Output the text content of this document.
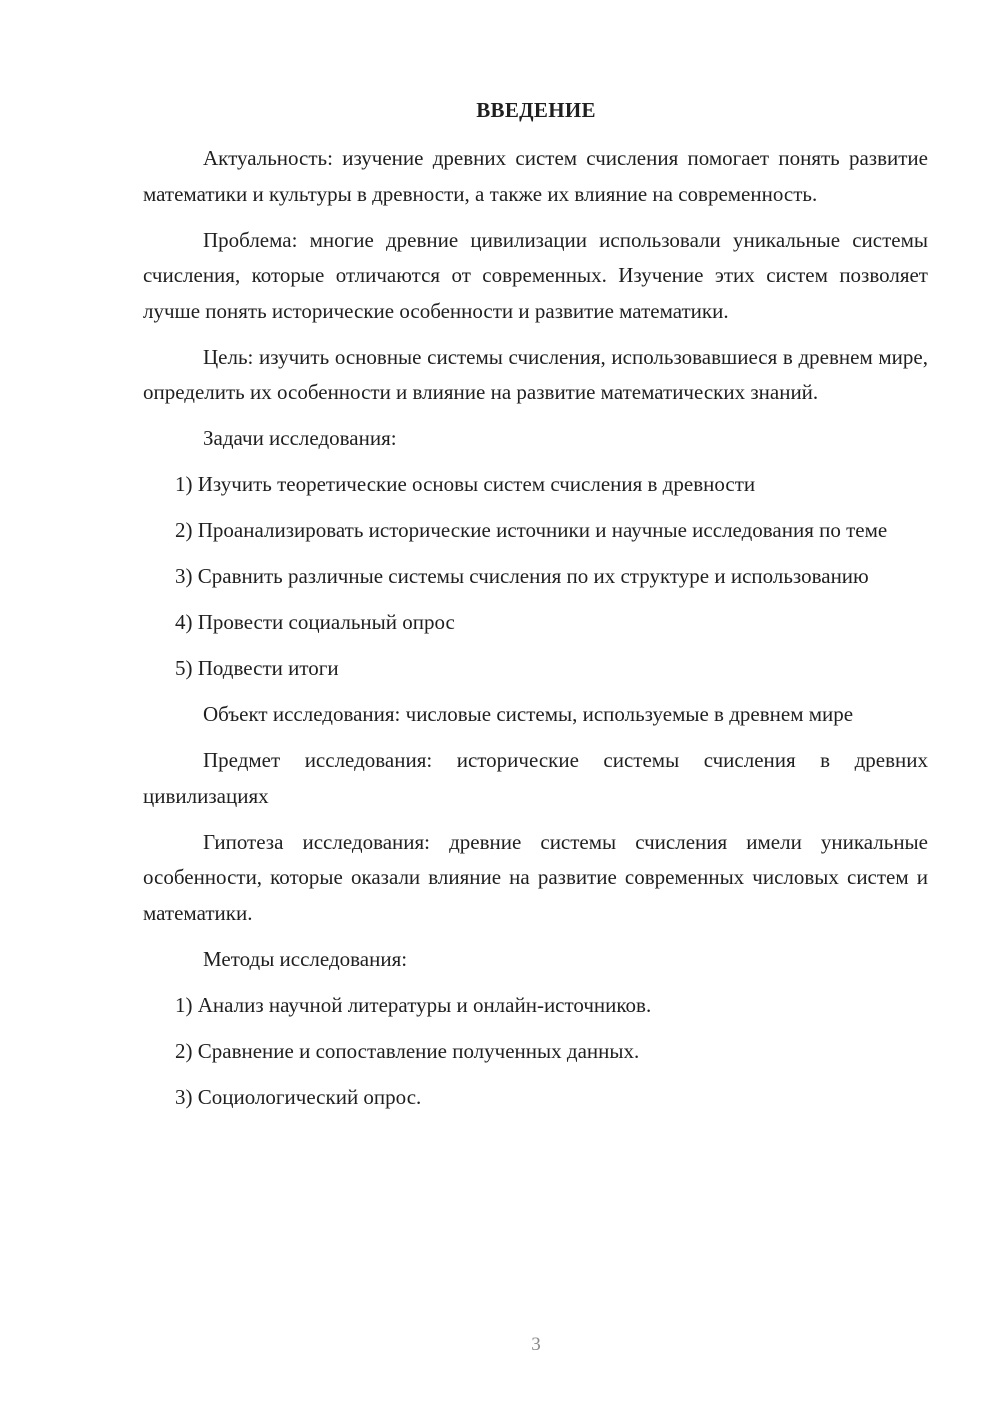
ВВЕДЕНИЕ

Актуальность: изучение древних систем счисления помогает понять развитие математики и культуры в древности, а также их влияние на современность.

Проблема: многие древние цивилизации использовали уникальные системы счисления, которые отличаются от современных. Изучение этих систем позволяет лучше понять исторические особенности и развитие математики.

Цель: изучить основные системы счисления, использовавшиеся в древнем мире, определить их особенности и влияние на развитие математических знаний.

Задачи исследования:

1) Изучить теоретические основы систем счисления в древности

2) Проанализировать исторические источники и научные исследования по теме

3) Сравнить различные системы счисления по их структуре и использованию

4) Провести социальный опрос

5) Подвести итоги

Объект исследования: числовые системы, используемые в древнем мире

Предмет исследования: исторические системы счисления в древних цивилизациях

Гипотеза исследования: древние системы счисления имели уникальные особенности, которые оказали влияние на развитие современных числовых систем и математики.

Методы исследования:

1) Анализ научной литературы и онлайн-источников.

2) Сравнение и сопоставление полученных данных.

3) Социологический опрос.

3
